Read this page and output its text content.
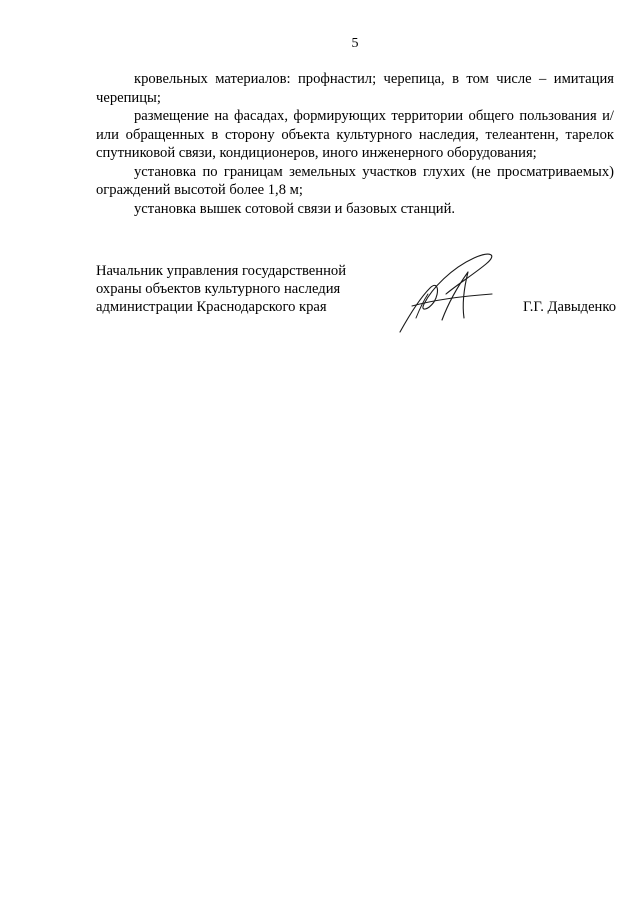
5

кровельных материалов: профнастил; черепица, в том числе – имитация черепицы;

размещение на фасадах, формирующих территории общего пользования и/или обращенных в сторону объекта культурного наследия, телеантенн, тарелок спутниковой связи, кондиционеров, иного инженерного оборудования;

установка по границам земельных участков глухих (не просматриваемых) ограждений высотой более 1,8 м;

установка вышек сотовой связи и базовых станций.

Начальник управления государственной
охраны объектов культурного наследия
администрации Краснодарского края	Г.Г. Давыденко
